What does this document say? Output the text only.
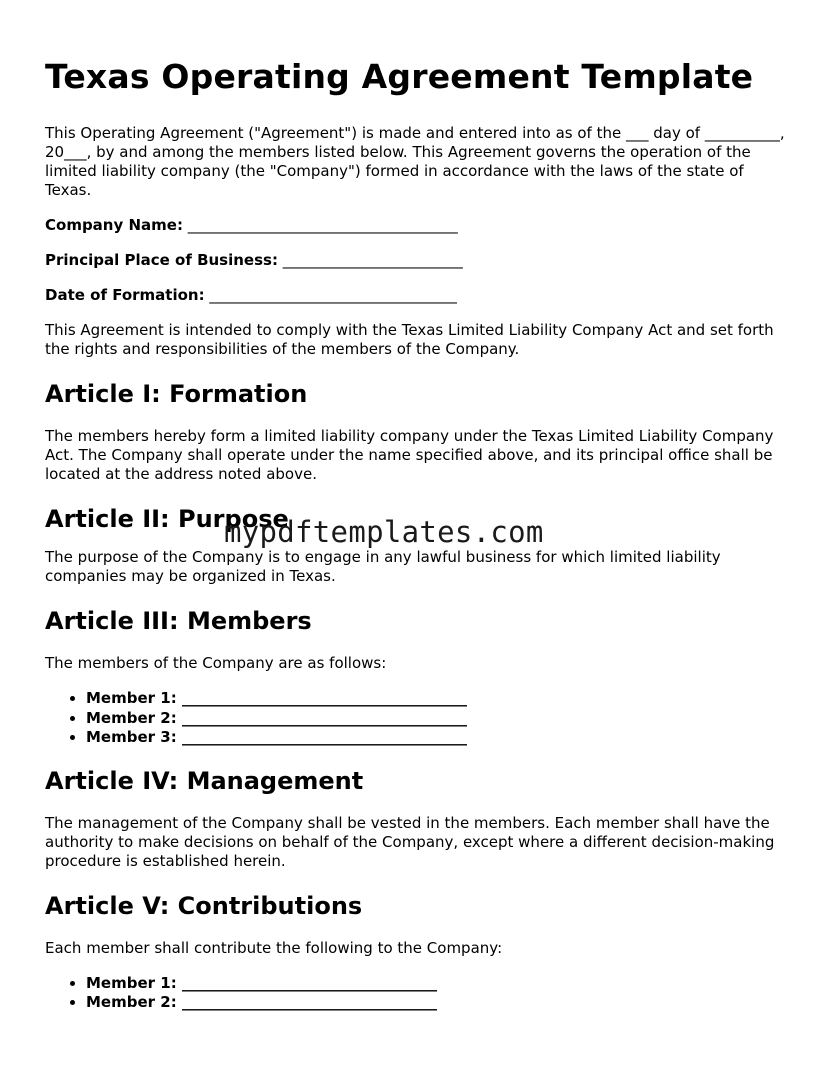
Texas Operating Agreement Template

This Operating Agreement ("Agreement") is made and entered into as of the ___ day of __________, 20___, by and among the members listed below. This Agreement governs the operation of the limited liability company (the "Company") formed in accordance with the laws of the state of Texas.

Company Name: ____________________________________
Principal Place of Business: ________________________
Date of Formation: _________________________________

This Agreement is intended to comply with the Texas Limited Liability Company Act and set forth the rights and responsibilities of the members of the Company.

Article I: Formation

The members hereby form a limited liability company under the Texas Limited Liability Company Act. The Company shall operate under the name specified above, and its principal office shall be located at the address noted above.

Article II: Purpose

The purpose of the Company is to engage in any lawful business for which limited liability companies may be organized in Texas.

Article III: Members

The members of the Company are as follows:

• Member 1: ______________________________________
• Member 2: ______________________________________
• Member 3: ______________________________________
Article IV: Management

The management of the Company shall be vested in the members. Each member shall have the authority to make decisions on behalf of the Company, except where a different decision-making procedure is established herein.

Article V: Contributions

Each member shall contribute the following to the Company:

• Member 1: __________________________________
• Member 2: __________________________________
mypdftemplates.com
